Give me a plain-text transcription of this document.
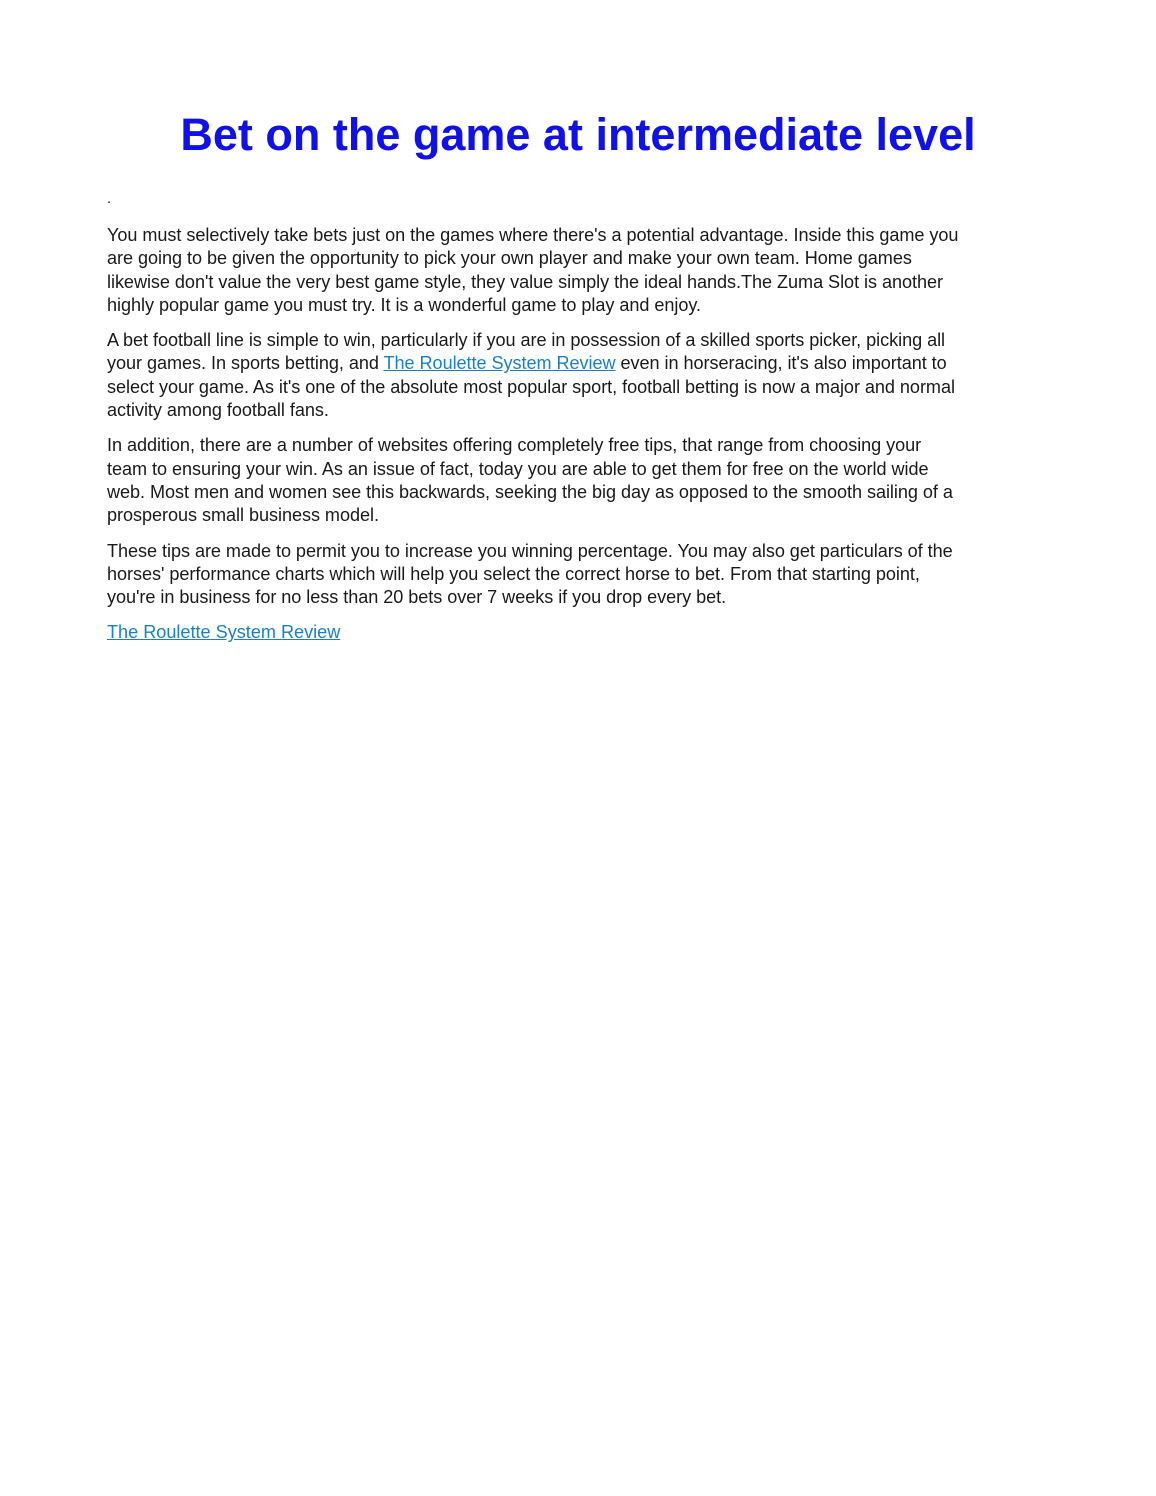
Bet on the game at intermediate level

.

You must selectively take bets just on the games where there's a potential advantage. Inside this game you
are going to be given the opportunity to pick your own player and make your own team. Home games
likewise don't value the very best game style, they value simply the ideal hands.The Zuma Slot is another
highly popular game you must try. It is a wonderful game to play and enjoy.

A bet football line is simple to win, particularly if you are in possession of a skilled sports picker, picking all
your games. In sports betting, and The Roulette System Review even in horseracing, it's also important to
select your game. As it's one of the absolute most popular sport, football betting is now a major and normal
activity among football fans.

In addition, there are a number of websites offering completely free tips, that range from choosing your
team to ensuring your win. As an issue of fact, today you are able to get them for free on the world wide
web. Most men and women see this backwards, seeking the big day as opposed to the smooth sailing of a
prosperous small business model.

These tips are made to permit you to increase you winning percentage. You may also get particulars of the
horses' performance charts which will help you select the correct horse to bet. From that starting point,
you're in business for no less than 20 bets over 7 weeks if you drop every bet.

The Roulette System Review
